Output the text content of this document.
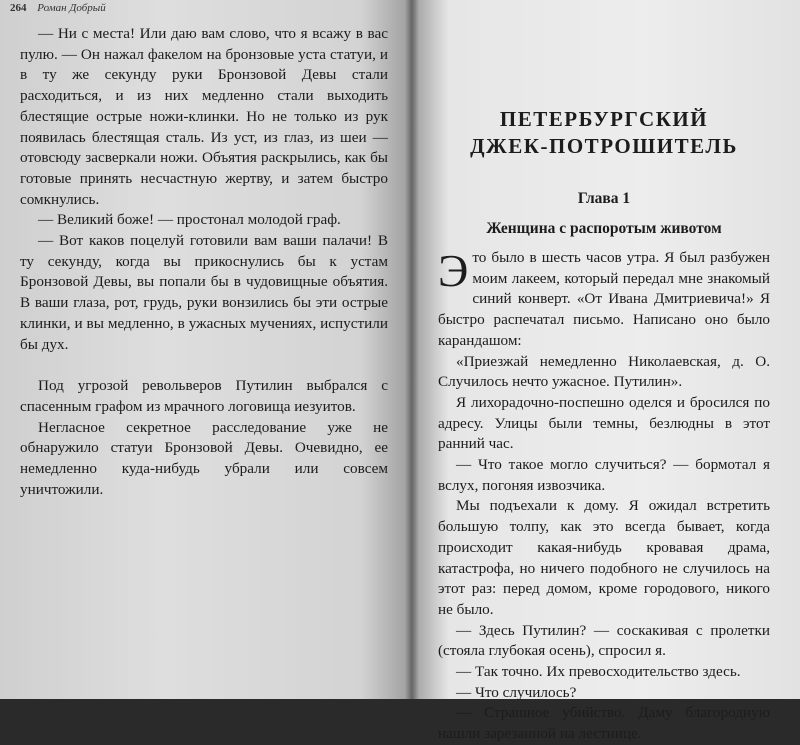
264 Роман Добрый

— Ни с места! Или даю вам слово, что я всажу в вас пулю. — Он нажал факелом на бронзовые уста статуи, и в ту же секунду руки Бронзовой Девы стали расходиться, и из них медленно стали выходить блестящие острые ножи-клинки. Но не только из рук появилась блестящая сталь. Из уст, из глаз, из шеи — отовсюду засверкали ножи. Объятия раскрылись, как бы готовые принять несчастную жертву, и затем быстро сомкнулись.

— Великий боже! — простонал молодой граф.

— Вот каков поцелуй готовили вам ваши палачи! В ту секунду, когда вы прикоснулись бы к устам Бронзовой Девы, вы попали бы в чудовищные объятия. В ваши глаза, рот, грудь, руки вонзились бы эти острые клинки, и вы медленно, в ужасных мучениях, испустили бы дух.

Под угрозой револьверов Путилин выбрался с спасенным графом из мрачного логовища иезуитов.

Негласное секретное расследование уже не обнаружило статуи Бронзовой Девы. Очевидно, ее немедленно куда-нибудь убрали или совсем уничтожили.

ПЕТЕРБУРГСКИЙ
ДЖЕК-ПОТРОШИТЕЛЬ
Глава 1
Женщина с распоротым животом

Это было в шесть часов утра. Я был разбужен моим лакеем, который передал мне знакомый синий конверт. «От Ивана Дмитриевича!» Я быстро распечатал письмо. Написано оно было карандашом:

«Приезжай немедленно Николаевская, д. О. Случилось нечто ужасное. Путилин».

Я лихорадочно-поспешно оделся и бросился по адресу. Улицы были темны, безлюдны в этот ранний час.

— Что такое могло случиться? — бормотал я вслух, погоняя извозчика.

Мы подъехали к дому. Я ожидал встретить большую толпу, как это всегда бывает, когда происходит какая-нибудь кровавая драма, катастрофа, но ничего подобного не случилось на этот раз: перед домом, кроме городового, никого не было.

— Здесь Путилин? — соскакивая с пролетки (стояла глубокая осень), спросил я.

— Так точно. Их превосходительство здесь.

— Что случилось?

— Страшное убийство. Даму благородную нашли зарезанной на лестнице.
